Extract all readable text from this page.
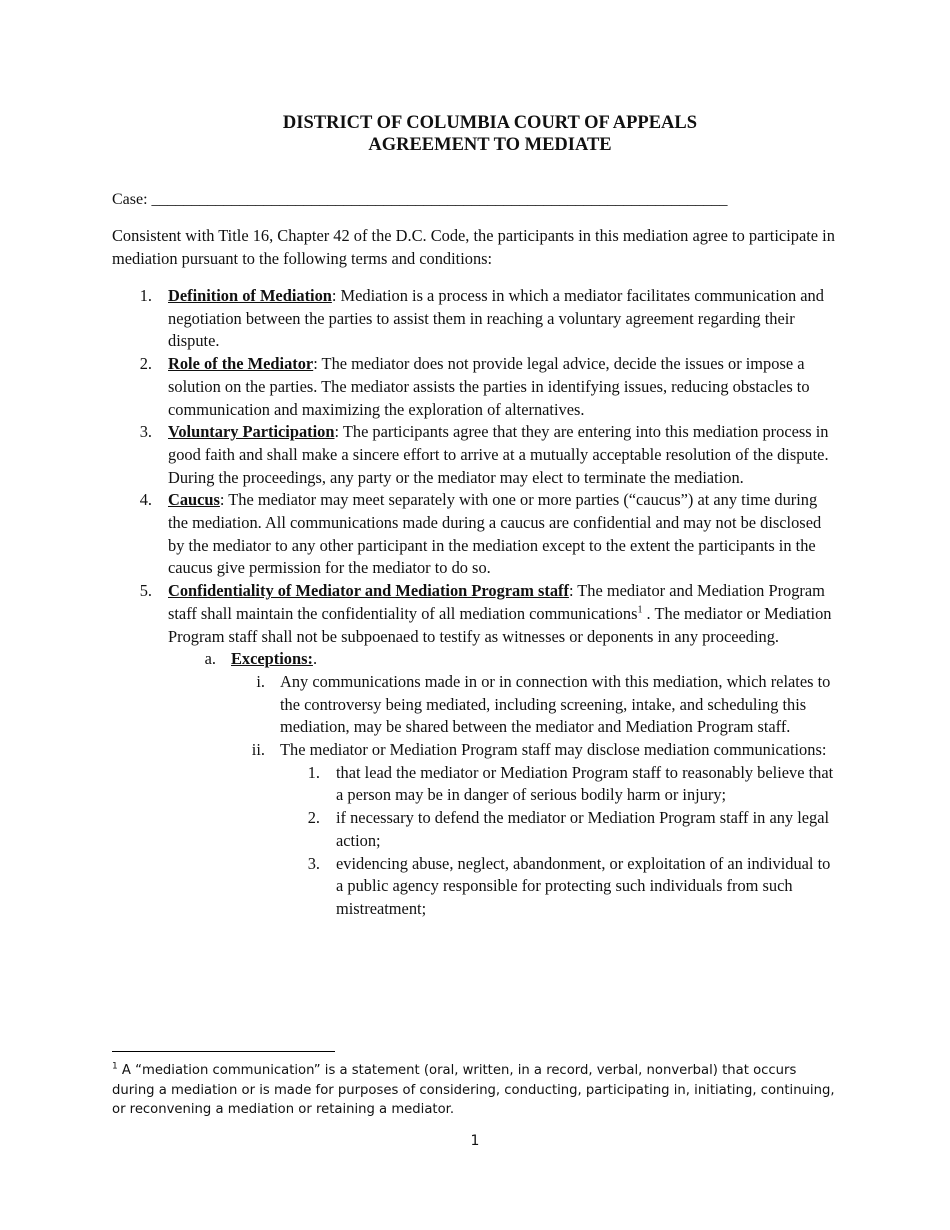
DISTRICT OF COLUMBIA COURT OF APPEALS
AGREEMENT TO MEDIATE
Case: ________________________________________________________________________
Consistent with Title 16, Chapter 42 of the D.C. Code, the participants in this mediation agree to participate in mediation pursuant to the following terms and conditions:
1. Definition of Mediation: Mediation is a process in which a mediator facilitates communication and negotiation between the parties to assist them in reaching a voluntary agreement regarding their dispute.
2. Role of the Mediator: The mediator does not provide legal advice, decide the issues or impose a solution on the parties. The mediator assists the parties in identifying issues, reducing obstacles to communication and maximizing the exploration of alternatives.
3. Voluntary Participation: The participants agree that they are entering into this mediation process in good faith and shall make a sincere effort to arrive at a mutually acceptable resolution of the dispute. During the proceedings, any party or the mediator may elect to terminate the mediation.
4. Caucus: The mediator may meet separately with one or more parties (“caucus”) at any time during the mediation. All communications made during a caucus are confidential and may not be disclosed by the mediator to any other participant in the mediation except to the extent the participants in the caucus give permission for the mediator to do so.
5. Confidentiality of Mediator and Mediation Program staff: The mediator and Mediation Program staff shall maintain the confidentiality of all mediation communications$^1$ . The mediator or Mediation Program staff shall not be subpoenaed to testify as witnesses or deponents in any proceeding.
a. Exceptions:.
i. Any communications made in or in connection with this mediation, which relates to the controversy being mediated, including screening, intake, and scheduling this mediation, may be shared between the mediator and Mediation Program staff.
ii. The mediator or Mediation Program staff may disclose mediation communications:
1. that lead the mediator or Mediation Program staff to reasonably believe that a person may be in danger of serious bodily harm or injury;
2. if necessary to defend the mediator or Mediation Program staff in any legal action;
3. evidencing abuse, neglect, abandonment, or exploitation of an individual to a public agency responsible for protecting such individuals from such mistreatment;
$^1$ A “mediation communication” is a statement (oral, written, in a record, verbal, nonverbal) that occurs during a mediation or is made for purposes of considering, conducting, participating in, initiating, continuing, or reconvening a mediation or retaining a mediator.
1
